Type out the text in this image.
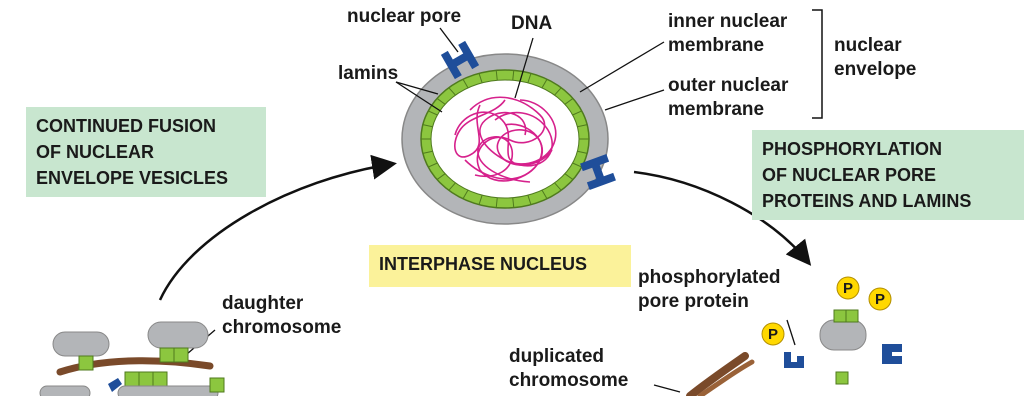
P
P
P
nuclear pore	DNA	inner nuclear
membrane
outer nuclear
membrane
nuclear
envelope
lamins
daughter
chromosome
phosphorylated
pore protein
duplicated
chromosome
CONTINUED FUSION
OF NUCLEAR
ENVELOPE VESICLES
PHOSPHORYLATION
OF NUCLEAR PORE
PROTEINS AND LAMINS
INTERPHASE NUCLEUS
